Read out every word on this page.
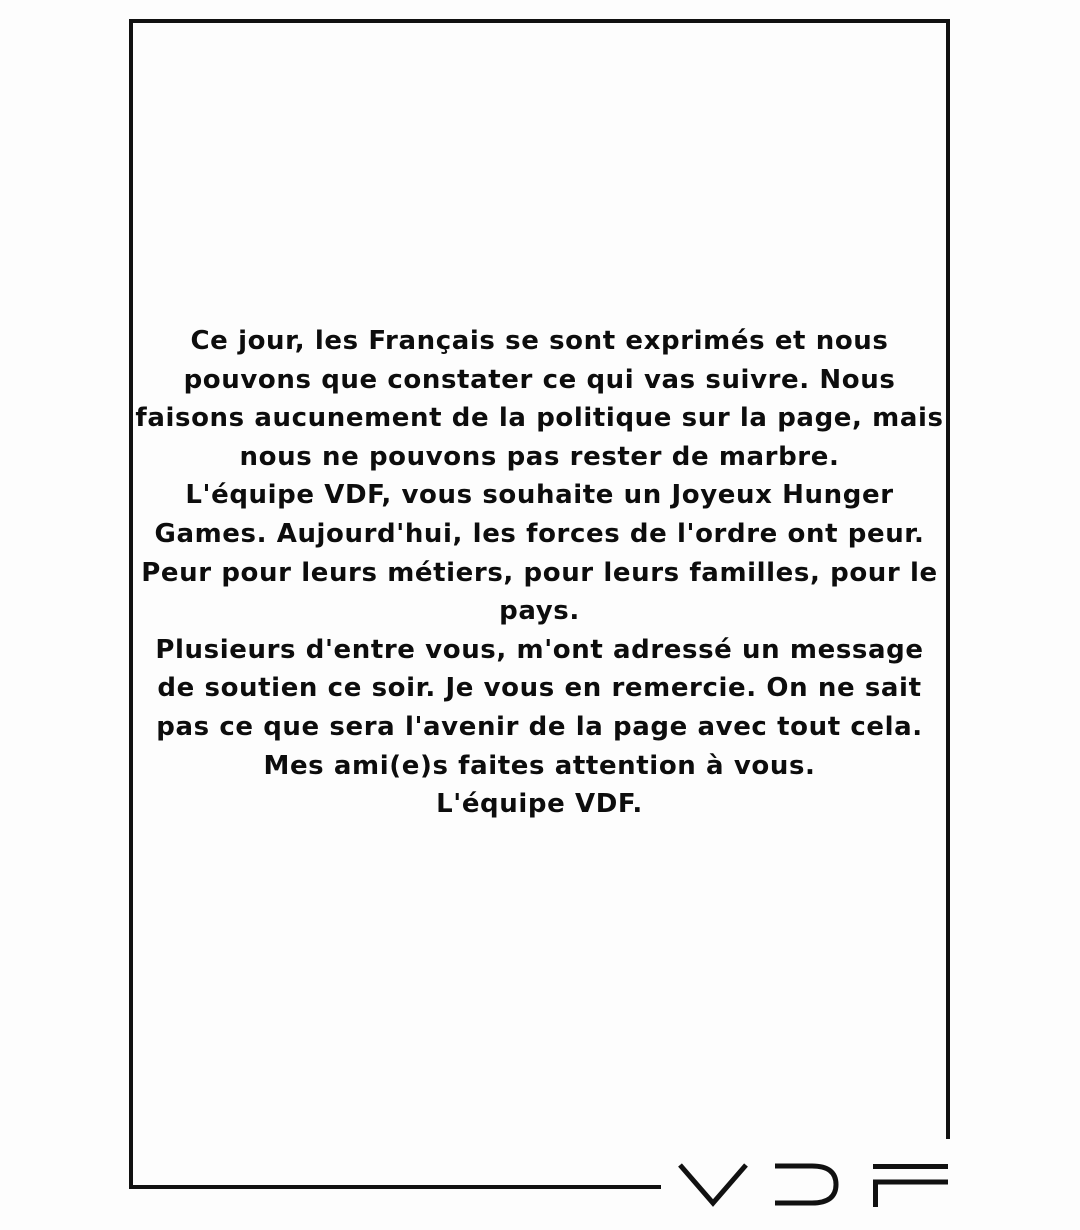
Ce jour, les Français se sont exprimés et nous
pouvons que constater ce qui vas suivre. Nous
faisons aucunement de la politique sur la page, mais
nous ne pouvons pas rester de marbre.
L'équipe VDF, vous souhaite un Joyeux Hunger
Games. Aujourd'hui, les forces de l'ordre ont peur.
Peur pour leurs métiers, pour leurs familles, pour le
pays.
Plusieurs d'entre vous, m'ont adressé un message
de soutien ce soir. Je vous en remercie. On ne sait
pas ce que sera l'avenir de la page avec tout cela.
Mes ami(e)s faites attention à vous.
L'équipe VDF.
